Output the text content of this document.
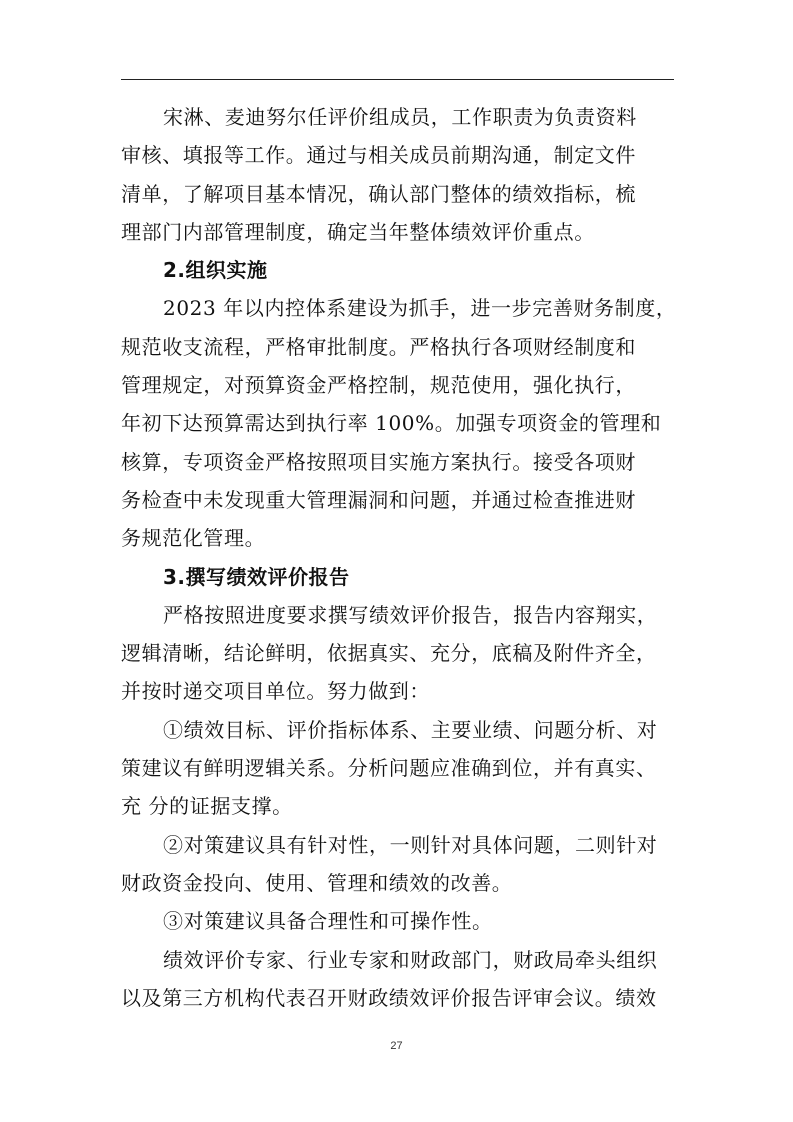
宋淋、麦迪努尔任评价组成员，工作职责为负责资料
审核、填报等工作。通过与相关成员前期沟通，制定文件
清单，了解项目基本情况，确认部门整体的绩效指标，梳
理部门内部管理制度，确定当年整体绩效评价重点。
2.组织实施
2023 年以内控体系建设为抓手，进一步完善财务制度，
规范收支流程，严格审批制度。严格执行各项财经制度和
管理规定，对预算资金严格控制，规范使用，强化执行，
年初下达预算需达到执行率 100%。加强专项资金的管理和
核算，专项资金严格按照项目实施方案执行。接受各项财
务检查中未发现重大管理漏洞和问题，并通过检查推进财
务规范化管理。
3.撰写绩效评价报告
严格按照进度要求撰写绩效评价报告，报告内容翔实，
逻辑清晰，结论鲜明，依据真实、充分，底稿及附件齐全，
并按时递交项目单位。努力做到：
①绩效目标、评价指标体系、主要业绩、问题分析、对
策建议有鲜明逻辑关系。分析问题应准确到位，并有真实、
充 分的证据支撑。
②对策建议具有针对性，一则针对具体问题，二则针对
财政资金投向、使用、管理和绩效的改善。
③对策建议具备合理性和可操作性。
绩效评价专家、行业专家和财政部门，财政局牵头组织
以及第三方机构代表召开财政绩效评价报告评审会议。绩效
27
